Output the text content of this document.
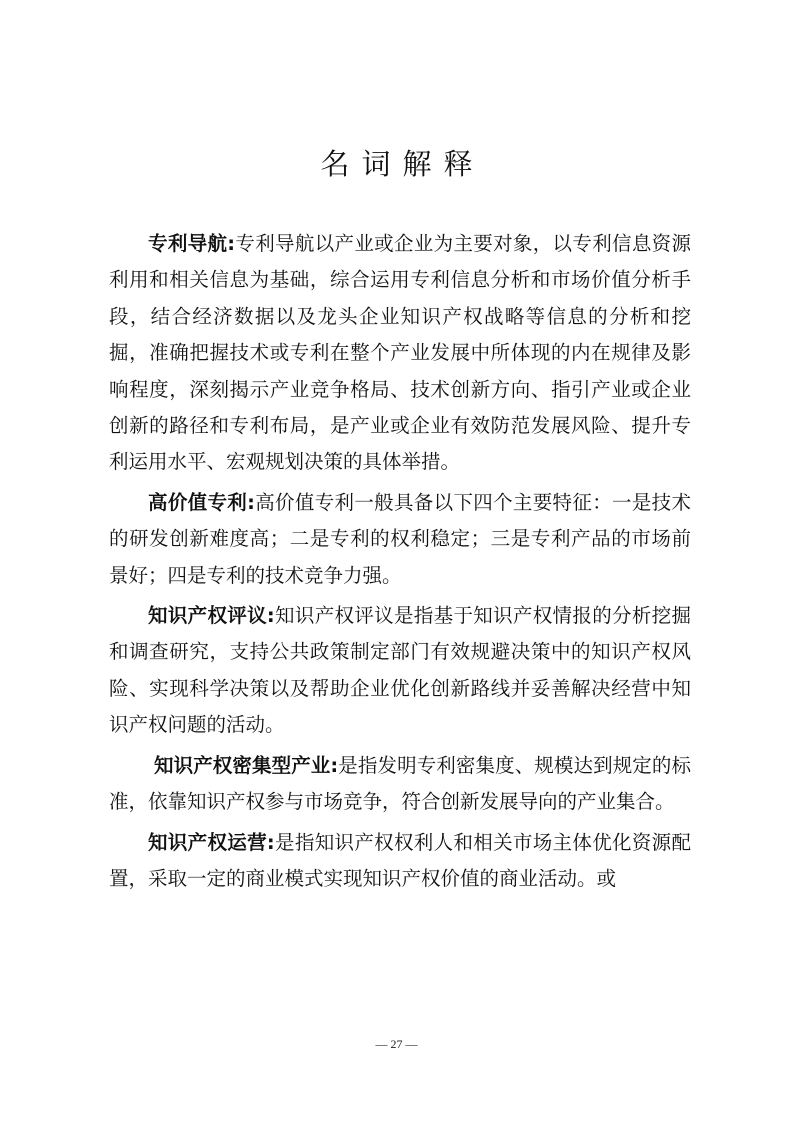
名词解释

专利导航:专利导航以产业或企业为主要对象，以专利信息资源利用和相关信息为基础，综合运用专利信息分析和市场价值分析手段，结合经济数据以及龙头企业知识产权战略等信息的分析和挖掘，准确把握技术或专利在整个产业发展中所体现的内在规律及影响程度，深刻揭示产业竞争格局、技术创新方向、指引产业或企业创新的路径和专利布局，是产业或企业有效防范发展风险、提升专利运用水平、宏观规划决策的具体举措。

高价值专利:高价值专利一般具备以下四个主要特征：一是技术的研发创新难度高；二是专利的权利稳定；三是专利产品的市场前景好；四是专利的技术竞争力强。

知识产权评议:知识产权评议是指基于知识产权情报的分析挖掘和调查研究，支持公共政策制定部门有效规避决策中的知识产权风险、实现科学决策以及帮助企业优化创新路线并妥善解决经营中知识产权问题的活动。

知识产权密集型产业:是指发明专利密集度、规模达到规定的标准，依靠知识产权参与市场竞争，符合创新发展导向的产业集合。

知识产权运营:是指知识产权权利人和相关市场主体优化资源配置，采取一定的商业模式实现知识产权价值的商业活动。或

— 27 —
